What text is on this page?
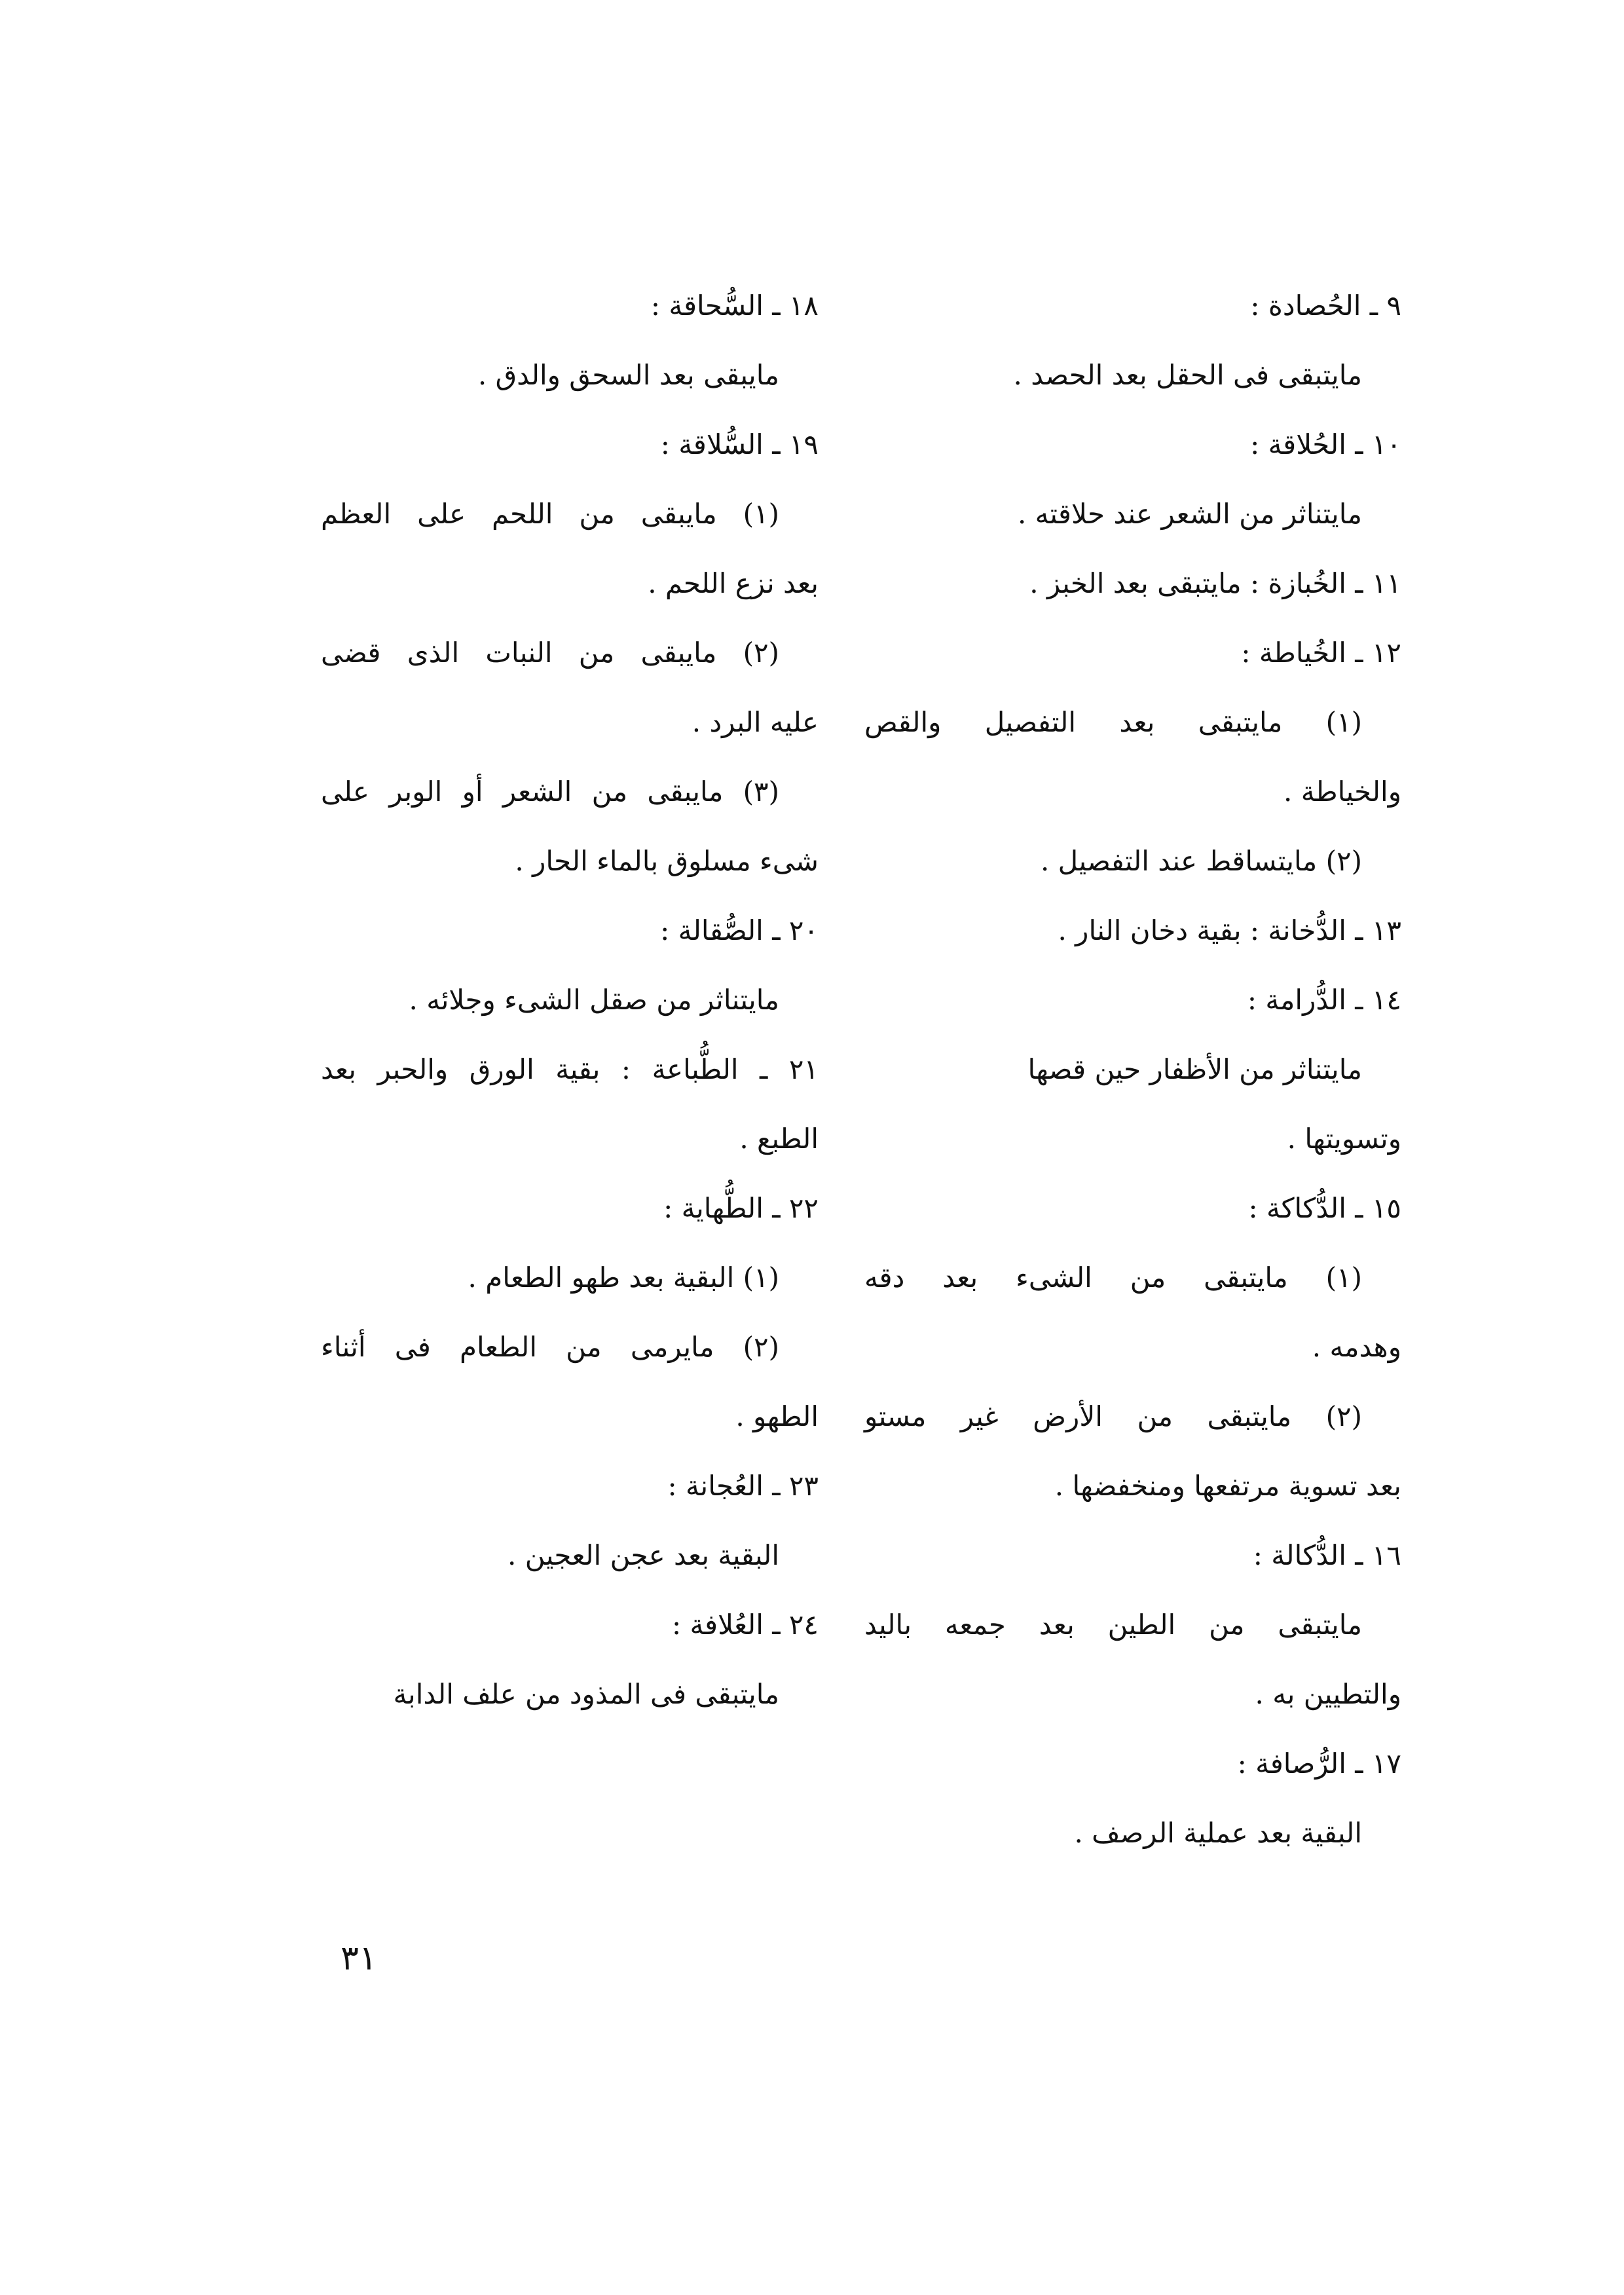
٩ ـ الحُصادة :

مايتبقى فى الحقل بعد الحصد .

١٠ ـ الحُلاقة :

مايتناثر من الشعر عند حلاقته .

١١ ـ الخُبازة : مايتبقى بعد الخبز .

١٢ ـ الخُياطة :

(١) مايتبقى بعد التفصيل والقص

والخياطة .

(٢) مايتساقط عند التفصيل .

١٣ ـ الدُّخانة : بقية دخان النار .

١٤ ـ الدُّرامة :

مايتناثر من الأظفار حين قصها

وتسويتها .

١٥ ـ الدُّكاكة :

(١) مايتبقى من الشىء بعد دقه

وهدمه .

(٢) مايتبقى من الأرض غير مستو

بعد تسوية مرتفعها ومنخفضها .

١٦ ـ الدُّكالة :

مايتبقى من الطين بعد جمعه باليد

والتطيين به .

١٧ ـ الرُّصافة :

البقية بعد عملية الرصف .

١٨ ـ السُّحاقة :

مايبقى بعد السحق والدق .

١٩ ـ السُّلاقة :

(١) مايبقى من اللحم على العظم

بعد نزع اللحم .

(٢) مايبقى من النبات الذى قضى

عليه البرد .

(٣) مايبقى من الشعر أو الوبر على

شىء مسلوق بالماء الحار .

٢٠ ـ الصُّقالة :

مايتناثر من صقل الشىء وجلائه .

٢١ ـ الطُّباعة : بقية الورق والحبر بعد

الطبع .

٢٢ ـ الطُّهاية :

(١) البقية بعد طهو الطعام .

(٢) مايرمى من الطعام فى أثناء

الطهو .

٢٣ ـ العُجانة :

البقية بعد عجن العجين .

٢٤ ـ العُلافة :

مايتبقى فى المذود من علف الدابة

٣١
